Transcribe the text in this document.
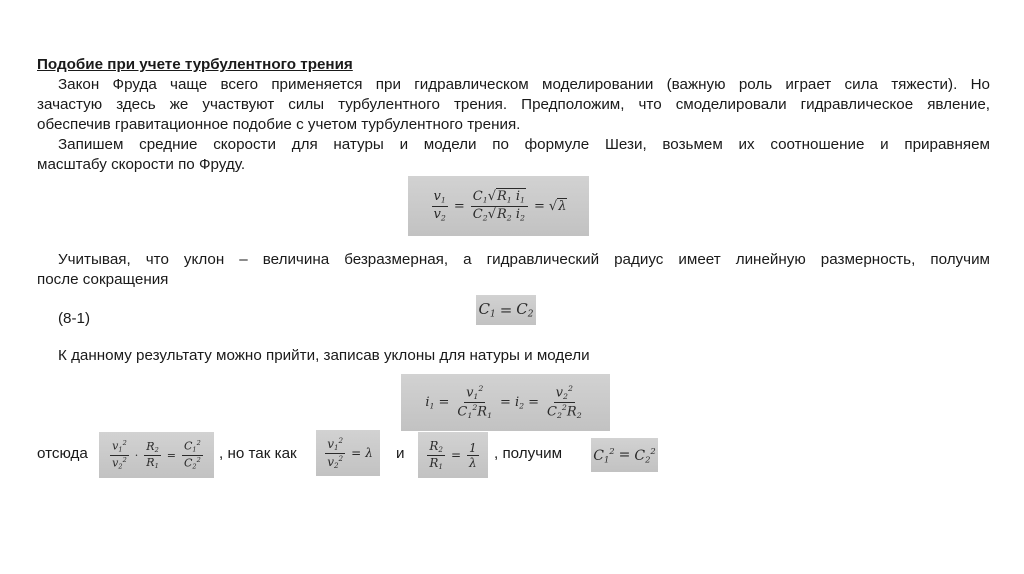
Подобие при учете турбулентного трения
Закон Фруда чаще всего применяется при гидравлическом моделировании (важную роль играет сила тяжести). Но
зачастую здесь же участвуют силы турбулентного трения. Предположим, что смоделировали гидравлическое явление,
обеспечив гравитационное подобие с учетом турбулентного трения.
Запишем средние скорости для натуры и модели по формуле Шези, возьмем их соотношение и приравняем
масштабу скорости по Фруду.
$\frac{v_1}{v_2} = \frac{C_1√R_1 i_1}{C_2√R_2 i_2} = √\lambda$
Учитывая, что уклон – величина безразмерная, а гидравлический радиус имеет линейную размерность, получим
после сокращения
(8-1)
$C_1 = C_2$
К данному результату можно прийти, записав уклоны для натуры и модели
$i_1 = \frac{v_1^2}{C_1^2R_1} = i_2 = \frac{v_2^2}{C_2^2R_2}$
отсюда $\frac{v_1^2}{v_2^2} \cdot \frac{R_2}{R_1} = \frac{C_1^2}{C_2^2}$ , но так как $\frac{v_1^2}{v_2^2} = \lambda$ и $\frac{R_2}{R_1} = \frac{1}{\lambda}$ , получим $C_1^2 = C_2^2$
